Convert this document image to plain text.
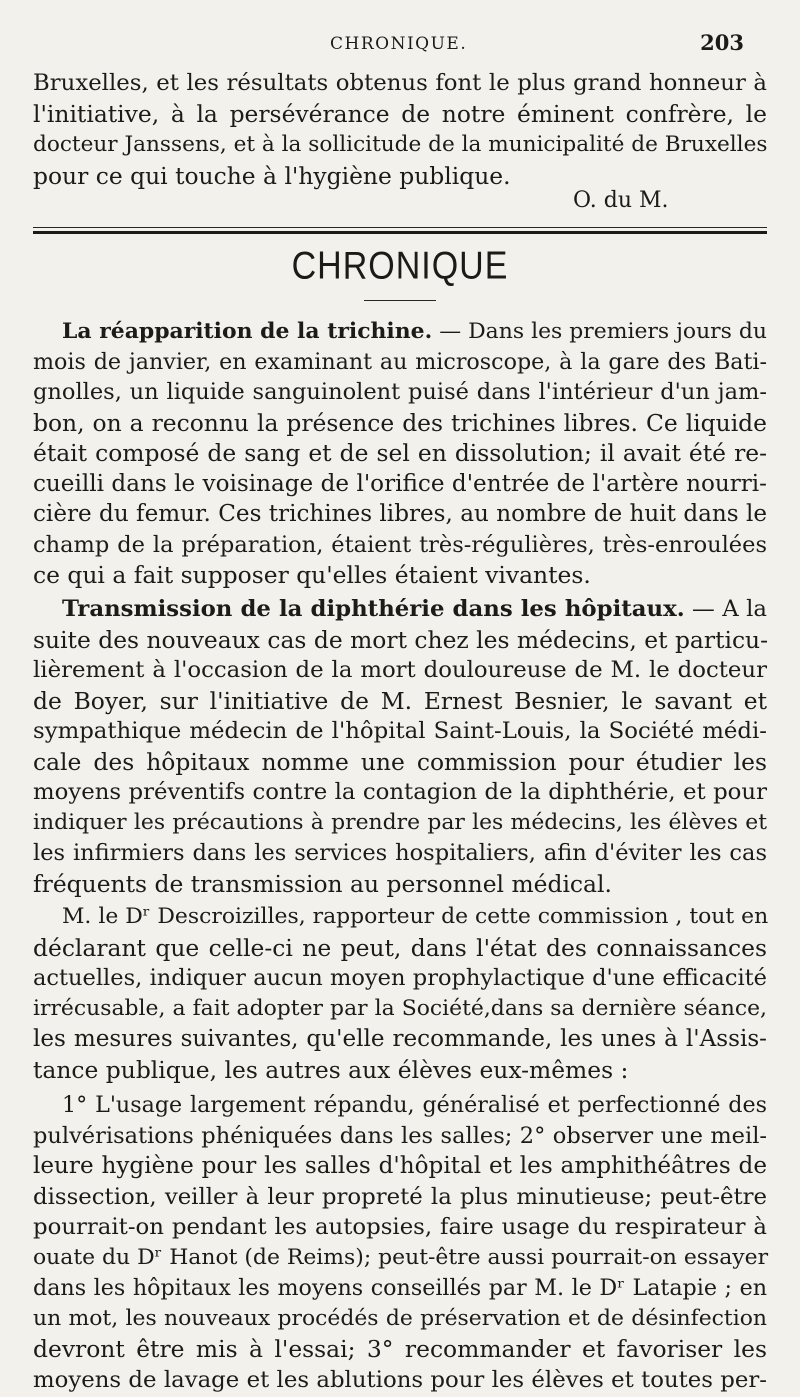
CHRONIQUE.	203
Bruxelles, et les résultats obtenus font le plus grand honneur à
l'initiative, à la persévérance de notre éminent confrère, le
docteur Janssens, et à la sollicitude de la municipalité de Bruxelles
pour ce qui touche à l'hygiène publique.
O. du M.
CHRONIQUE
La réapparition de la trichine. — Dans les premiers jours du
mois de janvier, en examinant au microscope, à la gare des Bati-
gnolles, un liquide sanguinolent puisé dans l'intérieur d'un jam-
bon, on a reconnu la présence des trichines libres. Ce liquide
était composé de sang et de sel en dissolution; il avait été re-
cueilli dans le voisinage de l'orifice d'entrée de l'artère nourri-
cière du femur. Ces trichines libres, au nombre de huit dans le
champ de la préparation, étaient très-régulières, très-enroulées
ce qui a fait supposer qu'elles étaient vivantes.
Transmission de la diphthérie dans les hôpitaux. — A la
suite des nouveaux cas de mort chez les médecins, et particu-
lièrement à l'occasion de la mort douloureuse de M. le docteur
de Boyer, sur l'initiative de M. Ernest Besnier, le savant et
sympathique médecin de l'hôpital Saint-Louis, la Société médi-
cale des hôpitaux nomme une commission pour étudier les
moyens préventifs contre la contagion de la diphthérie, et pour
indiquer les précautions à prendre par les médecins, les élèves et
les infirmiers dans les services hospitaliers, afin d'éviter les cas
fréquents de transmission au personnel médical.
M. le Dʳ Descroizilles, rapporteur de cette commission , tout en
déclarant que celle-ci ne peut, dans l'état des connaissances
actuelles, indiquer aucun moyen prophylactique d'une efficacité
irrécusable, a fait adopter par la Société,dans sa dernière séance,
les mesures suivantes, qu'elle recommande, les unes à l'Assis-
tance publique, les autres aux élèves eux-mêmes :
1° L'usage largement répandu, généralisé et perfectionné des
pulvérisations phéniquées dans les salles; 2° observer une meil-
leure hygiène pour les salles d'hôpital et les amphithéâtres de
dissection, veiller à leur propreté la plus minutieuse; peut-être
pourrait-on pendant les autopsies, faire usage du respirateur à
ouate du Dʳ Hanot (de Reims); peut-être aussi pourrait-on essayer
dans les hôpitaux les moyens conseillés par M. le Dʳ Latapie ; en
un mot, les nouveaux procédés de préservation et de désinfection
devront être mis à l'essai; 3° recommander et favoriser les
moyens de lavage et les ablutions pour les élèves et toutes per-
